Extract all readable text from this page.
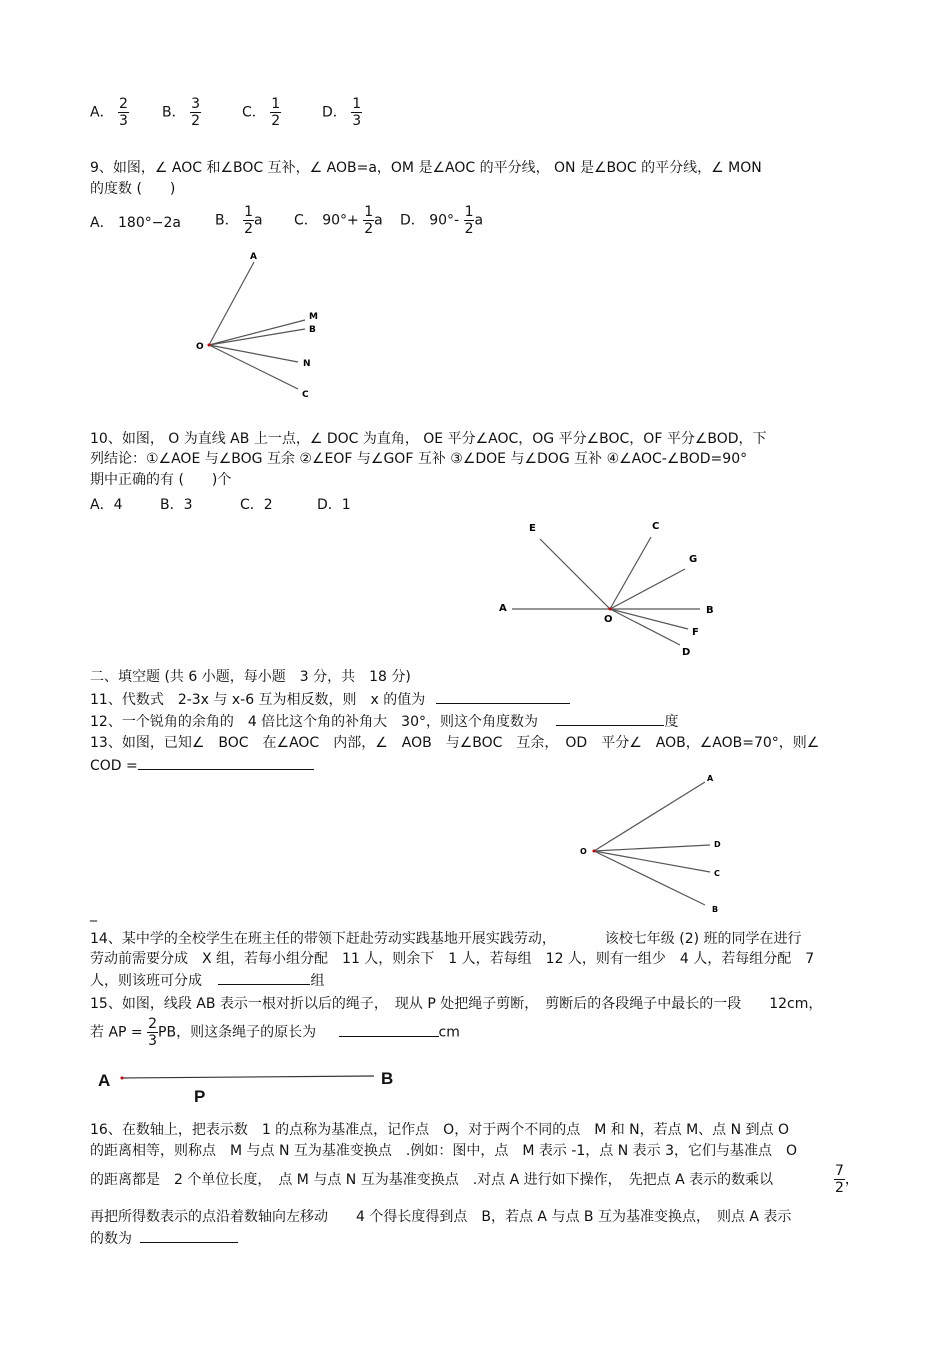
A． $\frac{2}{3}$ B． $\frac{3}{2}$	C． $\frac{1}{2}$	D． $\frac{1}{3}$
9、如图，∠ AOC 和∠BOC 互补，∠ AOB=a，OM 是∠AOC 的平分线， ON 是∠BOC 的平分线，∠ MON
的度数 (　　)
A． 180°−2a B． $\frac{1}{2}$ a C． $90^\circ+ \frac{1}{2}$ a D． $90^\circ- \frac{1}{2}$ a
A
M
B
O
N
C
10、如图， O 为直线 AB 上一点，∠ DOC 为直角， OE 平分∠AOC，OG 平分∠BOC，OF 平分∠BOD，下
列结论：①∠AOE 与∠BOG 互余 ②∠EOF 与∠GOF 互补 ③∠DOE 与∠DOG 互补 ④∠AOC-∠BOD=90°
期中正确的有 (　　)个
A．4	B．3	C．2	D．1
E	C
G
A	B
O
F
D
二、填空题 (共 6 小题，每小题　3 分，共　18 分)
11、代数式　2-3x 与 x-6 互为相反数，则　x 的值为
12、一个锐角的余角的　4 倍比这个角的补角大　30°，则这个角度数为	度
13、如图，已知∠　BOC　在∠AOC　内部，∠　AOB　与∠BOC　互余，　OD　平分∠　AOB，∠AOB=70°，则∠
COD =
A
O
D
C
B
_
14、某中学的全校学生在班主任的带领下赶赴劳动实践基地开展实践劳动，　　　　该校七年级 (2) 班的同学在进行
劳动前需要分成　X 组，若每小组分配　11 人，则余下　1 人，若每组　12 人，则有一组少　4 人，若每组分配　7
人，则该班可分成	组
15、如图，线段 AB 表示一根对折以后的绳子，　现从 P 处把绳子剪断，　剪断后的各段绳子中最长的一段　　12cm，
若 AP = $\frac{2}{3}$ PB，则这条绳子的原长为	cm
A	B
P
16、在数轴上，把表示数　1 的点称为基准点，记作点　O，对于两个不同的点　M 和 N，若点 M、点 N 到点 O
的距离相等，则称点　M 与点 N 互为基准变换点　.例如：图中，点　M 表示 -1，点 N 表示 3，它们与基准点　O
的距离都是　2 个单位长度，　点 M 与点 N 互为基准变换点　.对点 A 进行如下操作，　先把点 A 表示的数乘以	$\frac{7}{2}$ ，
再把所得数表示的点沿着数轴向左移动　　4 个得长度得到点　B，若点 A 与点 B 互为基准变换点，　则点 A 表示
的数为
